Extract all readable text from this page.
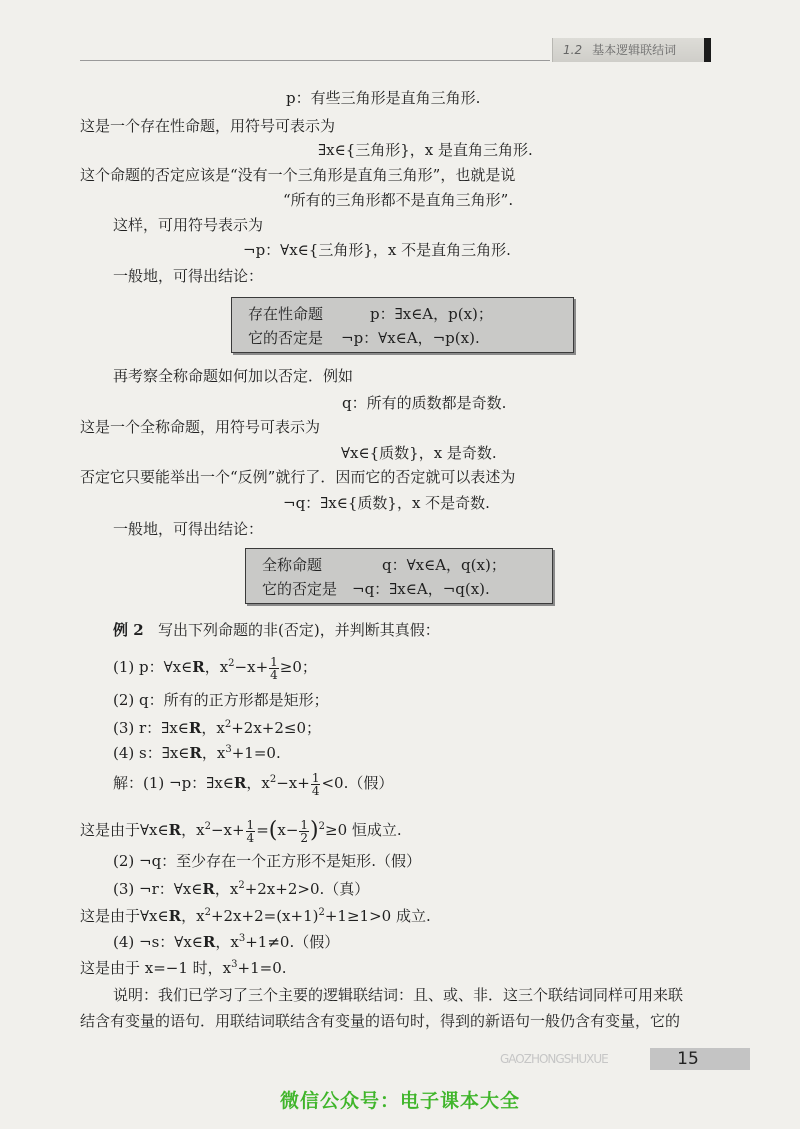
1.2 基本逻辑联结词
p：有些三角形是直角三角形.
这是一个存在性命题，用符号可表示为
∃x∈{三角形}，x 是直角三角形.
这个命题的否定应该是“没有一个三角形是直角三角形”，也就是说
“所有的三角形都不是直角三角形”.
这样，可用符号表示为
¬p：∀x∈{三角形}，x 不是直角三角形.
一般地，可得出结论：
存在性命题	p：∃x∈A，p(x)；
它的否定是 ¬p：∀x∈A，¬p(x).
再考察全称命题如何加以否定．例如
q：所有的质数都是奇数.
这是一个全称命题，用符号可表示为
∀x∈{质数}，x 是奇数.
否定它只要能举出一个“反例”就行了．因而它的否定就可以表述为
¬q：∃x∈{质数}，x 不是奇数.
一般地，可得出结论：
全称命题	q：∀x∈A，q(x)；
它的否定是 ¬q：∃x∈A，¬q(x).
例 2 写出下列命题的非(否定)，并判断其真假：
(1) p：∀x∈R，$x^2-x+ \frac{1}{4} \ge 0$；
(2) q：所有的正方形都是矩形；
(3) r：∃x∈R，$x^2+2x+2\le 0$；
(4) s：∃x∈R，$x^3+1=0$.
解：(1) ¬p：∃x∈R，$x^2-x+ \frac{1}{4} <0$.（假）
这是由于∀x∈R，$x^2-x+ \frac{1}{4} =(x- \frac{1}{2} )^2\ge 0$ 恒成立.
(2) ¬q：至少存在一个正方形不是矩形.（假）
(3) ¬r：∀x∈R，$x^2+2x+2>0$.（真）
这是由于∀x∈R，$x^2+2x+2=(x+1)^2+1\ge 1>0$ 成立.
(4) ¬s：∀x∈R，$x^3+1\ne 0$.（假）
这是由于 x=−1 时，$x^3+1=0$.
说明：我们已学习了三个主要的逻辑联结词：且、或、非．这三个联结词同样可用来联
结含有变量的语句．用联结词联结含有变量的语句时，得到的新语句一般仍含有变量，它的
GAOZHONGSHUXUE	15
微信公众号：电子课本大全
